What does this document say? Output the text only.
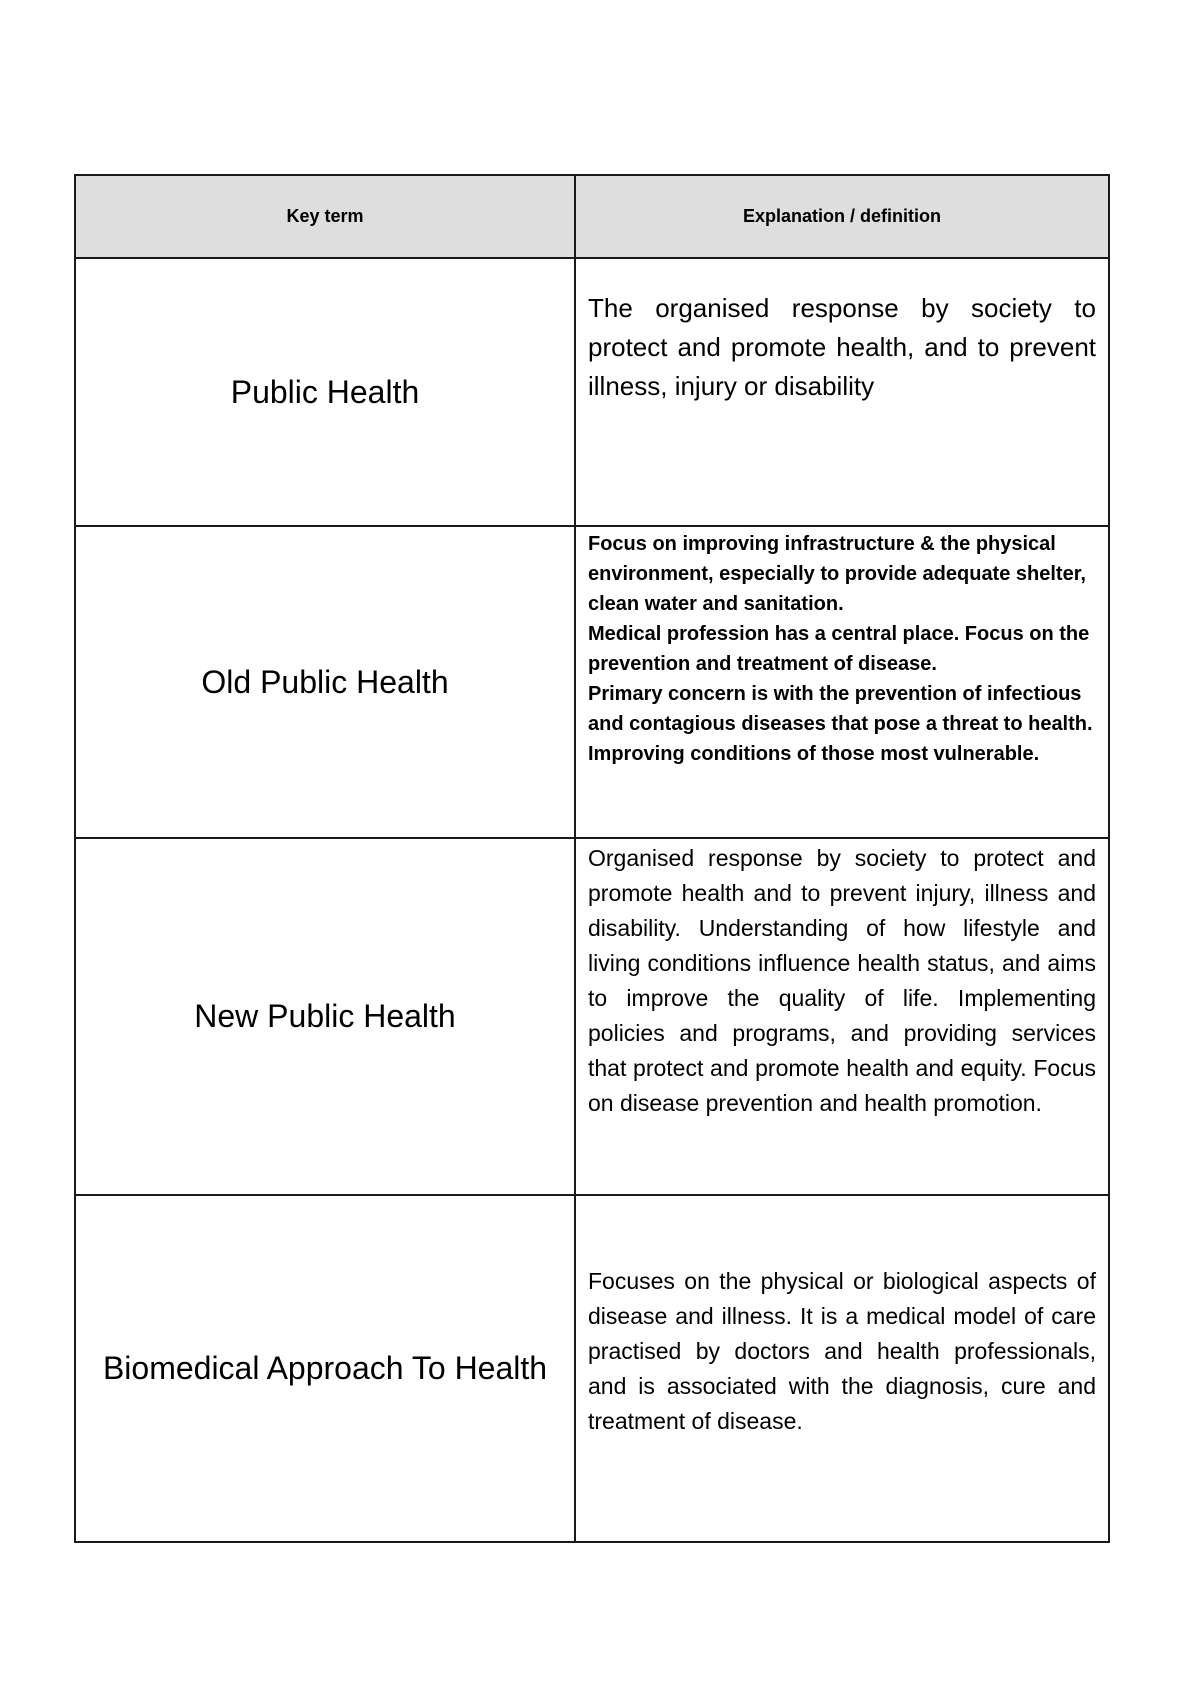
Key term	Explanation / definition
Public Health	The organised response by society to protect and promote health, and to prevent illness, injury or disability

Old Public Health	Focus on improving infrastructure & the physical environment, especially to provide adequate shelter, clean water and sanitation.

Medical profession has a central place. Focus on the prevention and treatment of disease.

Primary concern is with the prevention of infectious and contagious diseases that pose a threat to health. Improving conditions of those most vulnerable.

New Public Health	Organised response by society to protect and promote health and to prevent injury, illness and disability. Understanding of how lifestyle and living conditions influence health status, and aims to improve the quality of life. Implementing policies and programs, and providing services that protect and promote health and equity. Focus on disease prevention and health promotion.

Biomedical Approach To Health	Focuses on the physical or biological aspects of disease and illness. It is a medical model of care practised by doctors and health professionals, and is associated with the diagnosis, cure and treatment of disease.
